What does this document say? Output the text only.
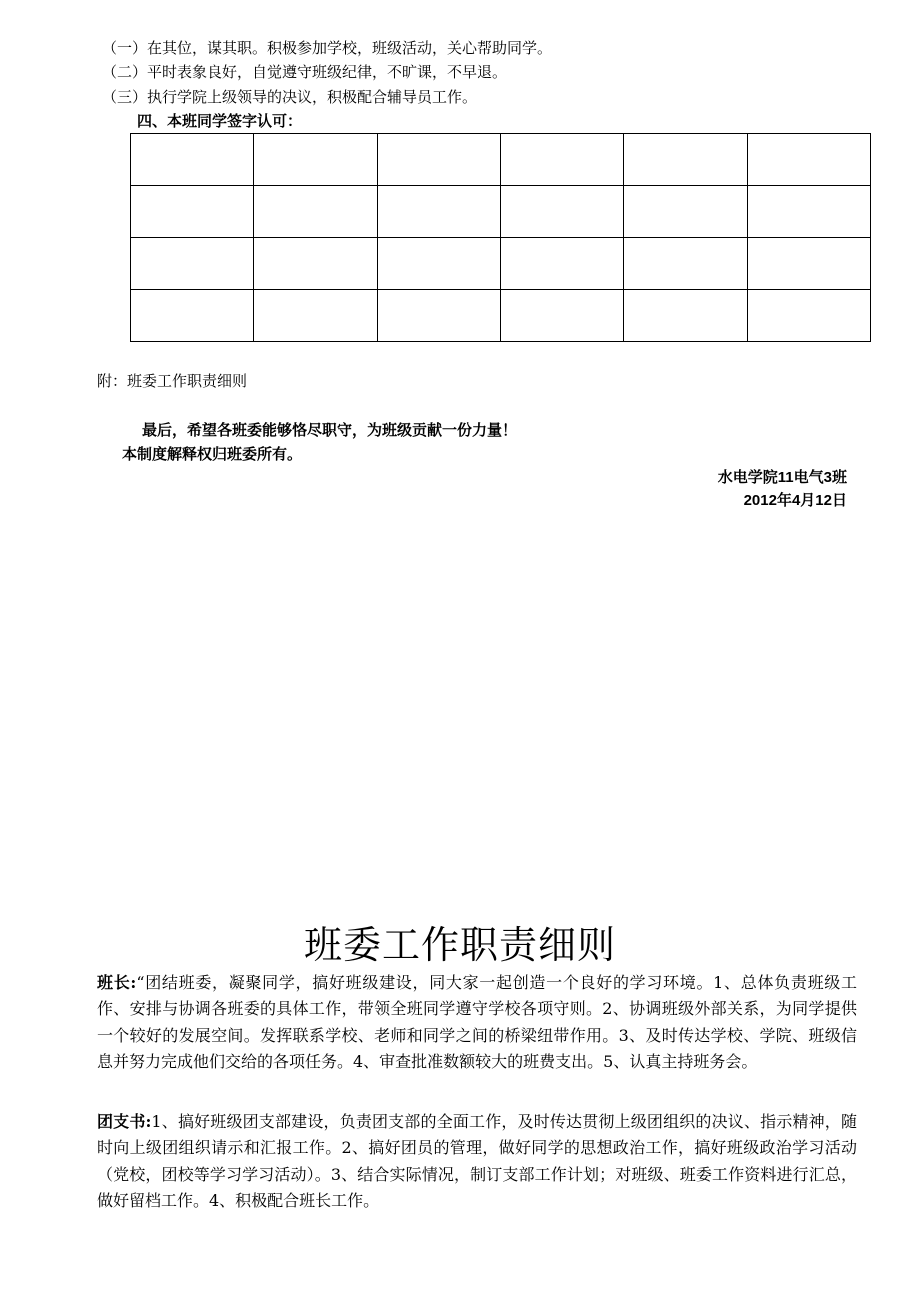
（一）在其位，谋其职。积极参加学校，班级活动，关心帮助同学。
（二）平时表象良好，自觉遵守班级纪律，不旷课，不早退。
（三）执行学院上级领导的决议，积极配合辅导员工作。
四、本班同学签字认可：

附：班委工作职责细则
最后，希望各班委能够恪尽职守，为班级贡献一份力量！
本制度解释权归班委所有。
水电学院11电气3班
2012年4月12日
班委工作职责细则
班长:“团结班委，凝聚同学，搞好班级建设，同大家一起创造一个良好的学习环境。1、总体负责班级工作、安排与协调各班委的具体工作，带领全班同学遵守学校各项守则。2、协调班级外部关系，为同学提供一个较好的发展空间。发挥联系学校、老师和同学之间的桥梁纽带作用。3、及时传达学校、学院、班级信息并努力完成他们交给的各项任务。4、审查批准数额较大的班费支出。5、认真主持班务会。
团支书:1、搞好班级团支部建设，负责团支部的全面工作，及时传达贯彻上级团组织的决议、指示精神，随时向上级团组织请示和汇报工作。2、搞好团员的管理，做好同学的思想政治工作，搞好班级政治学习活动（党校，团校等学习学习活动）。3、结合实际情况，制订支部工作计划；对班级、班委工作资料进行汇总，做好留档工作。4、积极配合班长工作。
